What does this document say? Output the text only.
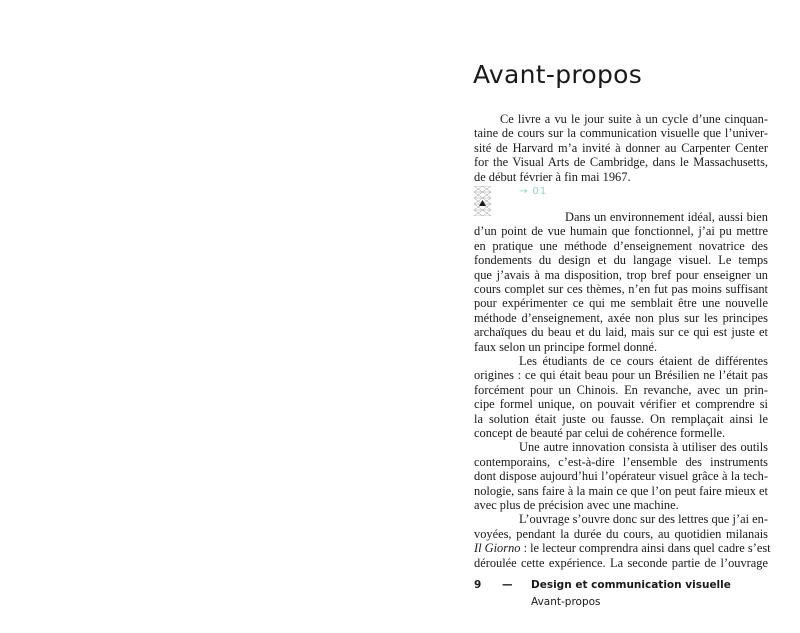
Avant-propos
→ 01
9 — Design et communication visuelle
Avant-propos
Ce livre a vu le jour suite à un cycle d’une cinquan-
taine de cours sur la communication visuelle que l’univer-
sité de Harvard m’a invité à donner au Carpenter Center
for the Visual Arts de Cambridge, dans le Massachusetts,
de début février à fin mai 1967.
Dans un environnement idéal, aussi bien
d’un point de vue humain que fonctionnel, j’ai pu mettre
en pratique une méthode d’enseignement novatrice des
fondements du design et du langage visuel. Le temps
que j’avais à ma disposition, trop bref pour enseigner un
cours complet sur ces thèmes, n’en fut pas moins suffisant
pour expérimenter ce qui me semblait être une nouvelle
méthode d’enseignement, axée non plus sur les principes
archaïques du beau et du laid, mais sur ce qui est juste et
faux selon un principe formel donné.
Les étudiants de ce cours étaient de différentes
origines : ce qui était beau pour un Brésilien ne l’était pas
forcément pour un Chinois. En revanche, avec un prin-
cipe formel unique, on pouvait vérifier et comprendre si
la solution était juste ou fausse. On remplaçait ainsi le
concept de beauté par celui de cohérence formelle.
Une autre innovation consista à utiliser des outils
contemporains, c’est-à-dire l’ensemble des instruments
dont dispose aujourd’hui l’opérateur visuel grâce à la tech-
nologie, sans faire à la main ce que l’on peut faire mieux et
avec plus de précision avec une machine.
L’ouvrage s’ouvre donc sur des lettres que j’ai en-
voyées, pendant la durée du cours, au quotidien milanais
Il Giorno : le lecteur comprendra ainsi dans quel cadre s’est
déroulée cette expérience. La seconde partie de l’ouvrage
